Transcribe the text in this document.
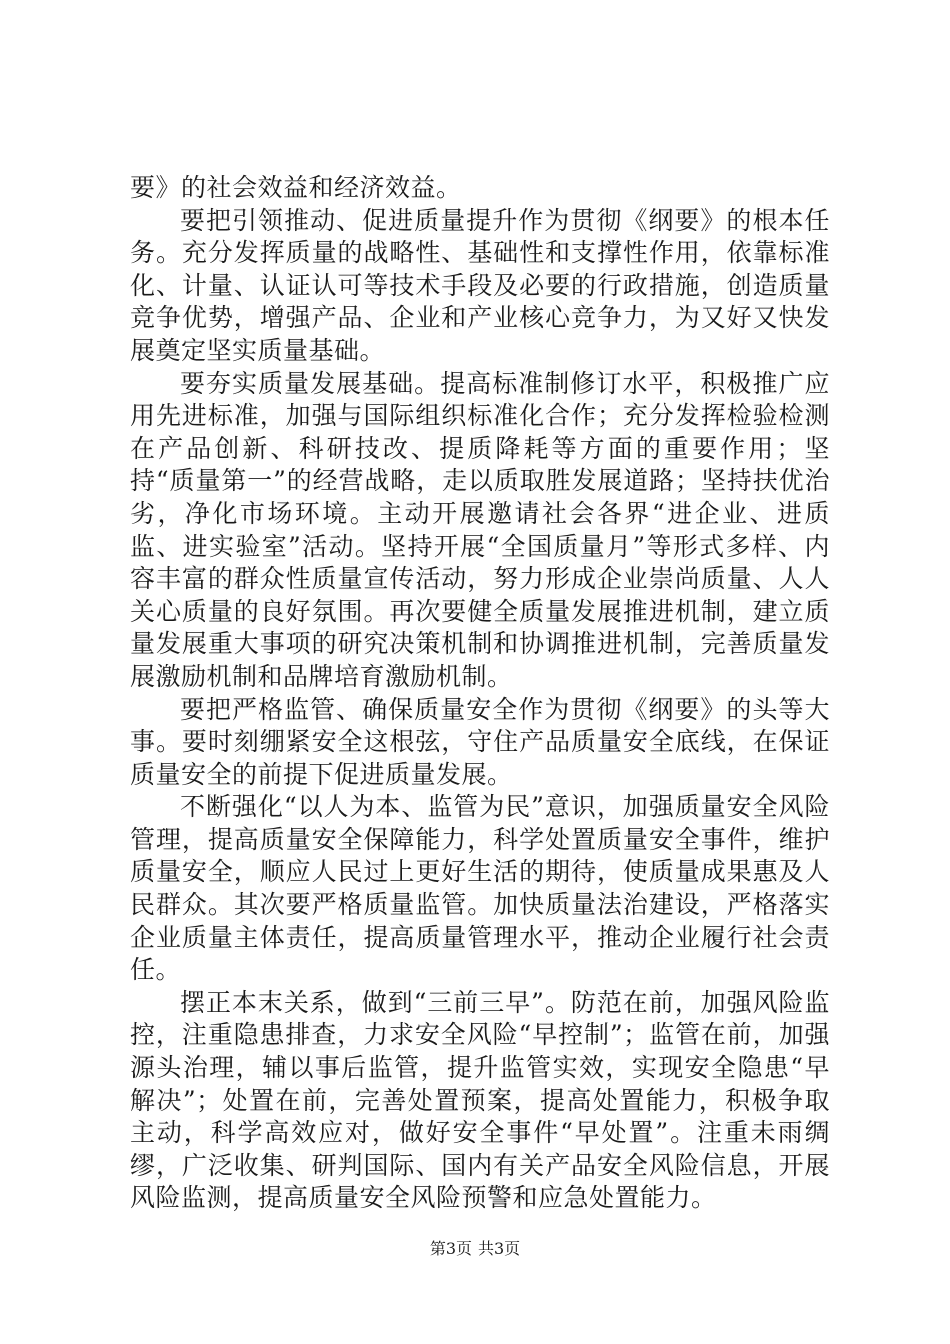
要》的社会效益和经济效益。

要把引领推动、促进质量提升作为贯彻《纲要》的根本任务。充分发挥质量的战略性、基础性和支撑性作用，依靠标准化、计量、认证认可等技术手段及必要的行政措施，创造质量竞争优势，增强产品、企业和产业核心竞争力，为又好又快发展奠定坚实质量基础。

要夯实质量发展基础。提高标准制修订水平，积极推广应用先进标准，加强与国际组织标准化合作；充分发挥检验检测在产品创新、科研技改、提质降耗等方面的重要作用；坚持“质量第一”的经营战略，走以质取胜发展道路；坚持扶优治劣，净化市场环境。主动开展邀请社会各界“进企业、进质监、进实验室”活动。坚持开展“全国质量月”等形式多样、内容丰富的群众性质量宣传活动，努力形成企业崇尚质量、人人关心质量的良好氛围。再次要健全质量发展推进机制，建立质量发展重大事项的研究决策机制和协调推进机制，完善质量发展激励机制和品牌培育激励机制。

要把严格监管、确保质量安全作为贯彻《纲要》的头等大事。要时刻绷紧安全这根弦，守住产品质量安全底线，在保证质量安全的前提下促进质量发展。

不断强化“以人为本、监管为民”意识，加强质量安全风险管理，提高质量安全保障能力，科学处置质量安全事件，维护质量安全，顺应人民过上更好生活的期待，使质量成果惠及人民群众。其次要严格质量监管。加快质量法治建设，严格落实企业质量主体责任，提高质量管理水平，推动企业履行社会责任。

摆正本末关系，做到“三前三早”。防范在前，加强风险监控，注重隐患排查，力求安全风险“早控制”；监管在前，加强源头治理，辅以事后监管，提升监管实效，实现安全隐患“早解决”；处置在前，完善处置预案，提高处置能力，积极争取主动，科学高效应对，做好安全事件“早处置”。注重未雨绸缪，广泛收集、研判国际、国内有关产品安全风险信息，开展风险监测，提高质量安全风险预警和应急处置能力。

第3页 共3页
